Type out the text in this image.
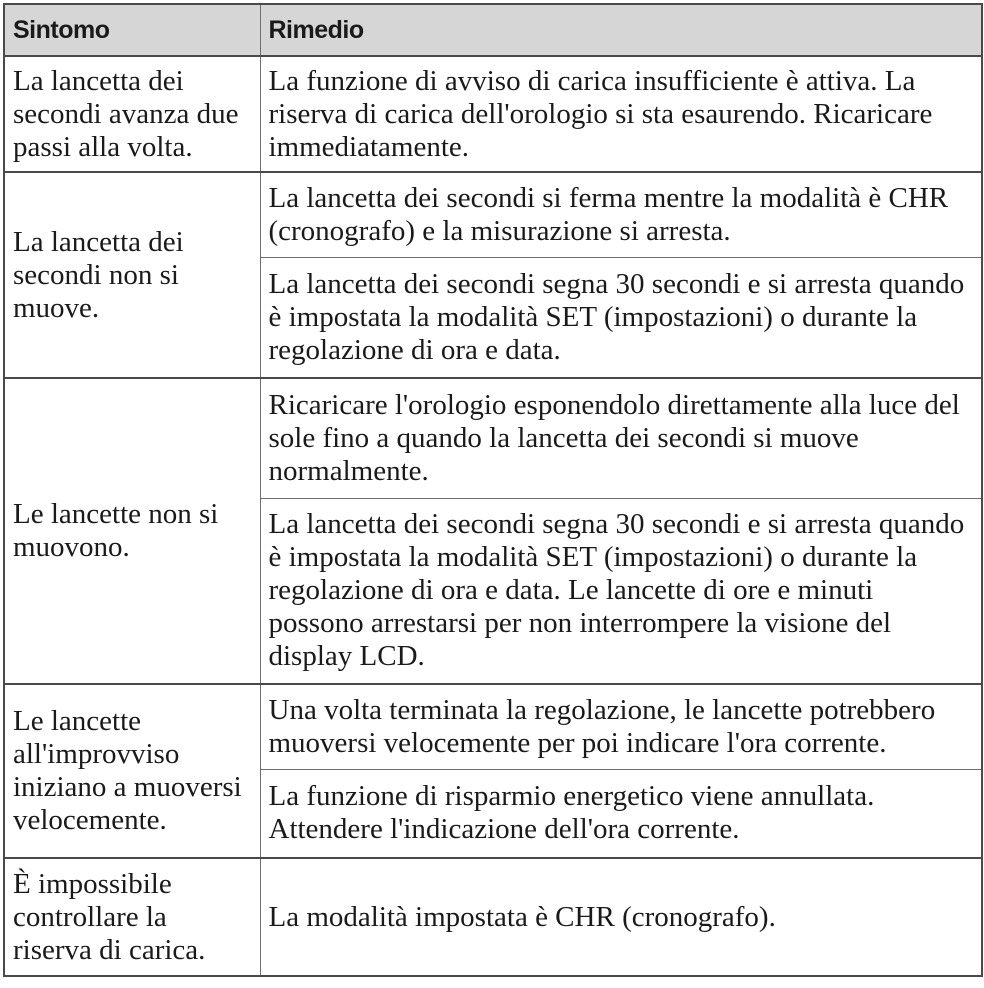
Sintomo	Rimedio
La lancetta dei secondi avanza due passi alla volta.	La funzione di avviso di carica insufficiente è attiva. La riserva di carica dell'orologio si sta esaurendo. Ricaricare immediatamente.
La lancetta dei secondi non si muove.	La lancetta dei secondi si ferma mentre la modalità è CHR (cronografo) e la misurazione si arresta.
	La lancetta dei secondi segna 30 secondi e si arresta quando è impostata la modalità SET (impostazioni) o durante la regolazione di ora e data.
Le lancette non si muovono.	Ricaricare l'orologio esponendolo direttamente alla luce del sole fino a quando la lancetta dei secondi si muove normalmente.
	La lancetta dei secondi segna 30 secondi e si arresta quando è impostata la modalità SET (impostazioni) o durante la regolazione di ora e data. Le lancette di ore e minuti possono arrestarsi per non interrompere la visione del display LCD.
Le lancette all'improvviso iniziano a muoversi velocemente.	Una volta terminata la regolazione, le lancette potrebbero muoversi velocemente per poi indicare l'ora corrente.
	La funzione di risparmio energetico viene annullata. Attendere l'indicazione dell'ora corrente.
È impossibile controllare la riserva di carica.	La modalità impostata è CHR (cronografo).
